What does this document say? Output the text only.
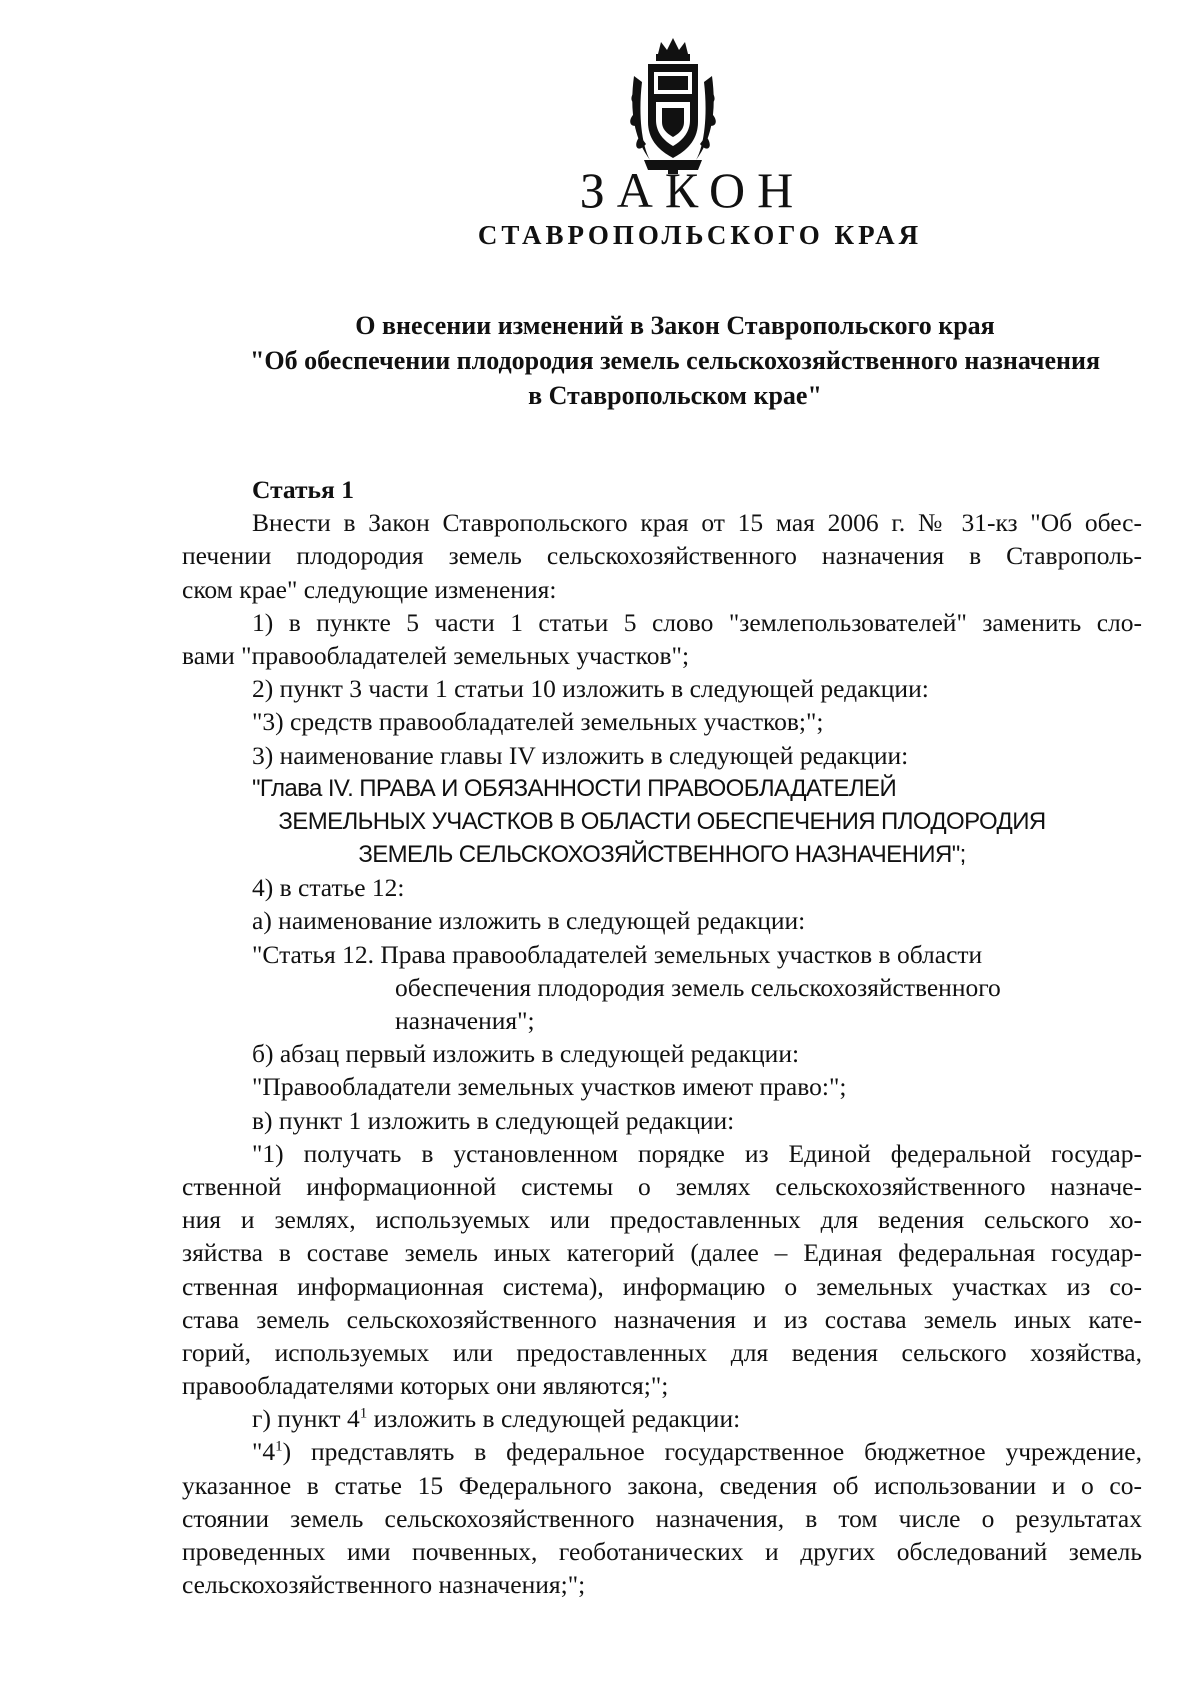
ЗАКОН
СТАВРОПОЛЬСКОГО КРАЯ
О внесении изменений в Закон Ставропольского края
"Об обеспечении плодородия земель сельскохозяйственного назначения
в Ставропольском крае"
Статья 1
Внести в Закон Ставропольского края от 15 мая 2006 г. № 31-кз "Об обес-
печении плодородия земель сельскохозяйственного назначения в Ставрополь-
ском крае" следующие изменения:
1) в пункте 5 части 1 статьи 5 слово "землепользователей" заменить сло-
вами "правообладателей земельных участков";
2) пункт 3 части 1 статьи 10 изложить в следующей редакции:
"3) средств правообладателей земельных участков;";
3) наименование главы IV изложить в следующей редакции:
"Глава IV. ПРАВА И ОБЯЗАННОСТИ ПРАВООБЛАДАТЕЛЕЙ
ЗЕМЕЛЬНЫХ УЧАСТКОВ В ОБЛАСТИ ОБЕСПЕЧЕНИЯ ПЛОДОРОДИЯ
ЗЕМЕЛЬ СЕЛЬСКОХОЗЯЙСТВЕННОГО НАЗНАЧЕНИЯ";
4) в статье 12:
а) наименование изложить в следующей редакции:
"Статья 12. Права правообладателей земельных участков в области
обеспечения плодородия земель сельскохозяйственного
назначения";
б) абзац первый изложить в следующей редакции:
"Правообладатели земельных участков имеют право:";
в) пункт 1 изложить в следующей редакции:
"1) получать в установленном порядке из Единой федеральной государ-
ственной информационной системы о землях сельскохозяйственного назначе-
ния и землях, используемых или предоставленных для ведения сельского хо-
зяйства в составе земель иных категорий (далее – Единая федеральная государ-
ственная информационная система), информацию о земельных участках из со-
става земель сельскохозяйственного назначения и из состава земель иных кате-
горий, используемых или предоставленных для ведения сельского хозяйства,
правообладателями которых они являются;";
г) пункт $4^1$ изложить в следующей редакции:
"$4^1$) представлять в федеральное государственное бюджетное учреждение,
указанное в статье 15 Федерального закона, сведения об использовании и о со-
стоянии земель сельскохозяйственного назначения, в том числе о результатах
проведенных ими почвенных, геоботанических и других обследований земель
сельскохозяйственного назначения;";
